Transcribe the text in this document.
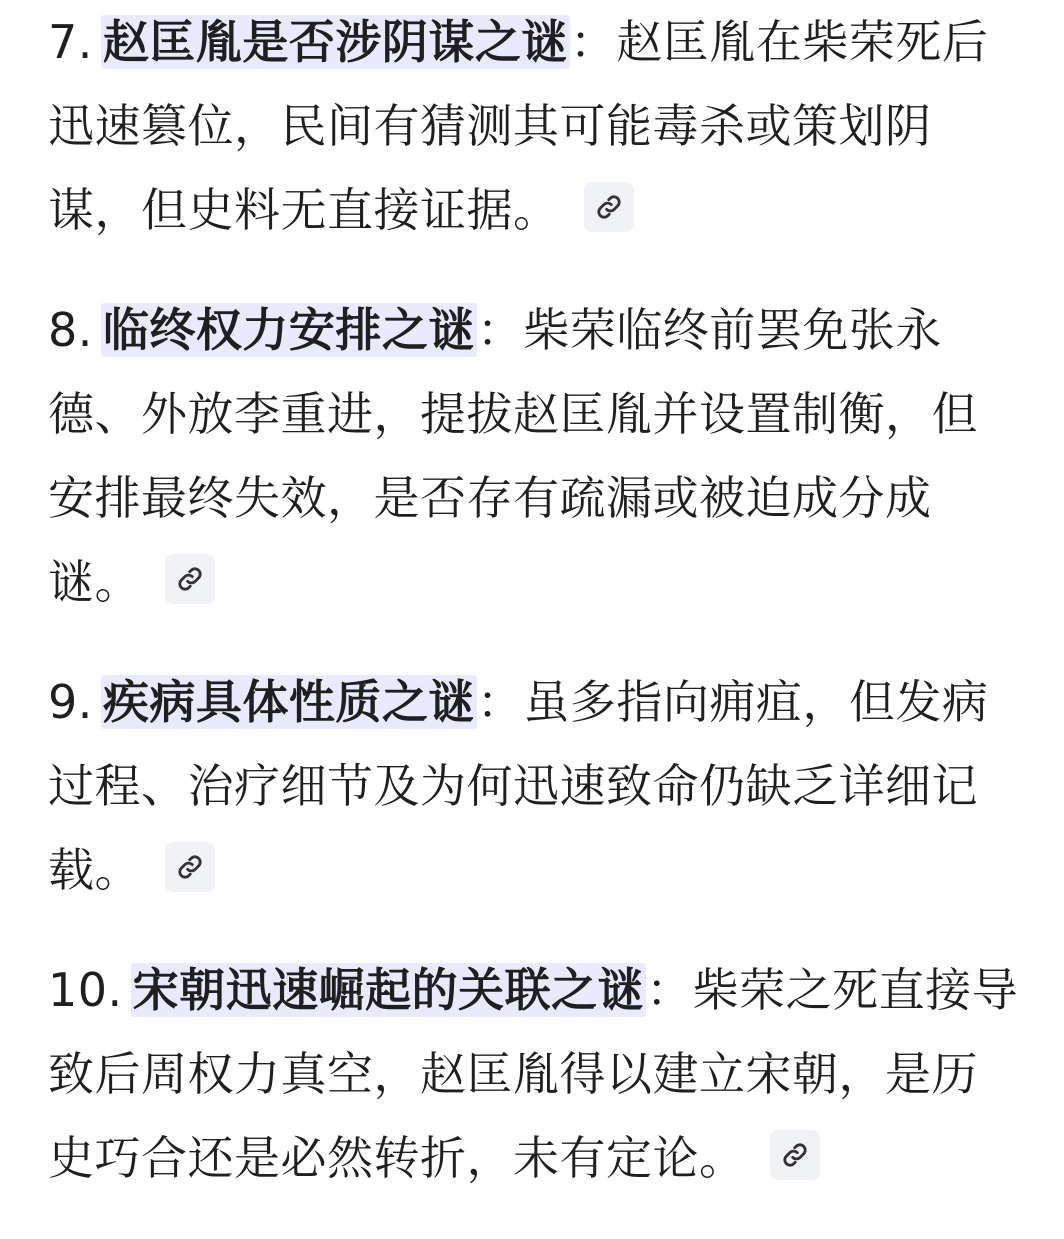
7. 赵匡胤是否涉阴谋之谜：赵匡胤在柴荣死后迅速篡位，民间有猜测其可能毒杀或策划阴谋，但史料无直接证据。
8. 临终权力安排之谜：柴荣临终前罢免张永德、外放李重进，提拔赵匡胤并设置制衡，但安排最终失效，是否存有疏漏或被迫成分成谜。
9. 疾病具体性质之谜：虽多指向痈疽，但发病过程、治疗细节及为何迅速致命仍缺乏详细记载。
10. 宋朝迅速崛起的关联之谜：柴荣之死直接导致后周权力真空，赵匡胤得以建立宋朝，是历史巧合还是必然转折，未有定论。
